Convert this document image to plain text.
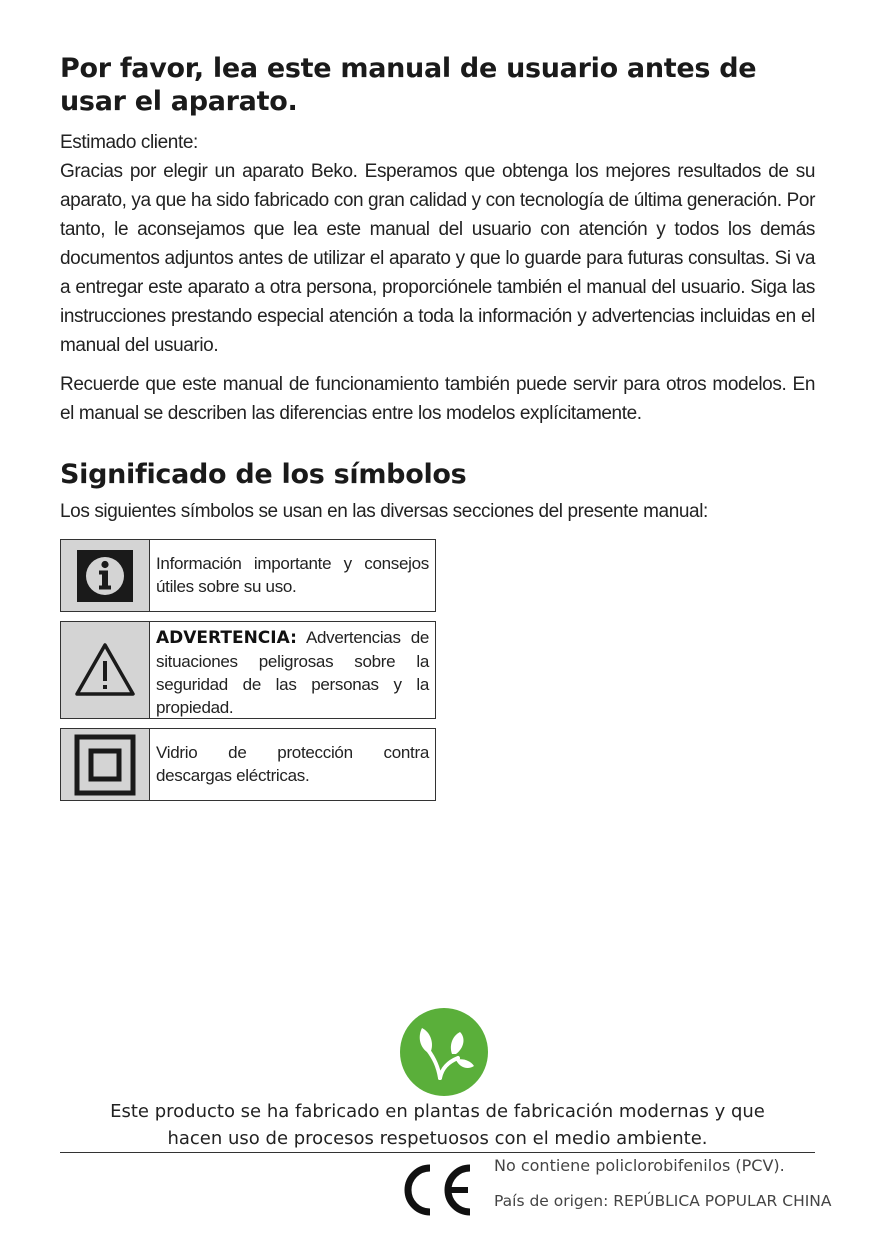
Por favor, lea este manual de usuario antes de usar el aparato.
Estimado cliente:
Gracias por elegir un aparato Beko. Esperamos que obtenga los mejores resultados de su aparato, ya que ha sido fabricado con gran calidad y con tecnología de última generación. Por tanto, le aconsejamos que lea este manual del usuario con atención y todos los demás documentos adjuntos antes de utilizar el aparato y que lo guarde para futuras consultas. Si va a entregar este aparato a otra persona, proporciónele también el manual del usuario. Siga las instrucciones prestando especial atención a toda la información y advertencias incluidas en el manual del usuario.
Recuerde que este manual de funcionamiento también puede servir para otros modelos. En el manual se describen las diferencias entre los modelos explícitamente.
Significado de los símbolos
Los siguientes símbolos se usan en las diversas secciones del presente manual:
Información importante y consejos útiles sobre su uso.
ADVERTENCIA: Advertencias de situaciones peligrosas sobre la seguridad de las personas y la propiedad.
Vidrio de protección contra descargas eléctricas.
Este producto se ha fabricado en plantas de fabricación modernas y que
hacen uso de procesos respetuosos con el medio ambiente.
No contiene policlorobifenilos (PCV).
País de origen: REPÚBLICA POPULAR CHINA
